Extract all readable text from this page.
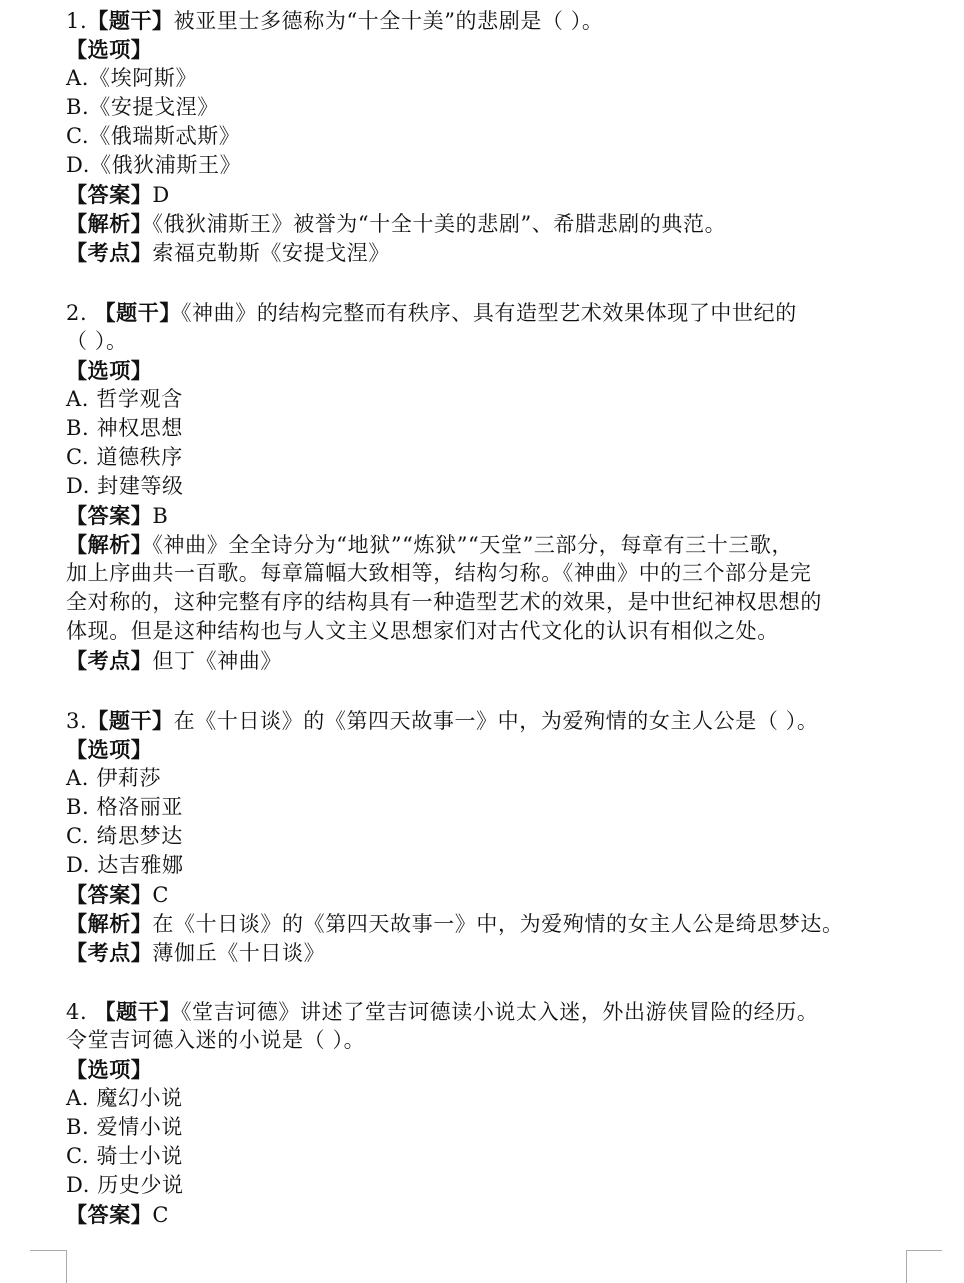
1.【题干】被亚里士多德称为“十全十美”的悲剧是（ ）。
【选项】
A.《埃阿斯》
B.《安提戈涅》
C.《俄瑞斯忒斯》
D.《俄狄浦斯王》
【答案】D
【解析】《俄狄浦斯王》被誉为“十全十美的悲剧”、希腊悲剧的典范。
【考点】索福克勒斯《安提戈涅》
2. 【题干】《神曲》的结构完整而有秩序、具有造型艺术效果体现了中世纪的
（ ）。
【选项】
A. 哲学观含
B. 神权思想
C. 道德秩序
D. 封建等级
【答案】B
【解析】《神曲》全全诗分为“地狱”“炼狱”“天堂”三部分，每章有三十三歌，
加上序曲共一百歌。每章篇幅大致相等，结构匀称。《神曲》中的三个部分是完
全对称的，这种完整有序的结构具有一种造型艺术的效果，是中世纪神权思想的
体现。但是这种结构也与人文主义思想家们对古代文化的认识有相似之处。
【考点】但丁《神曲》
3.【题干】在《十日谈》的《第四天故事一》中，为爱殉情的女主人公是（ ）。
【选项】
A. 伊莉莎
B. 格洛丽亚
C. 绮思梦达
D. 达吉雅娜
【答案】C
【解析】在《十日谈》的《第四天故事一》中，为爱殉情的女主人公是绮思梦达。
【考点】薄伽丘《十日谈》
4. 【题干】《堂吉诃德》讲述了堂吉诃德读小说太入迷，外出游侠冒险的经历。
令堂吉诃德入迷的小说是（ ）。
【选项】
A. 魔幻小说
B. 爱情小说
C. 骑士小说
D. 历史少说
【答案】C
